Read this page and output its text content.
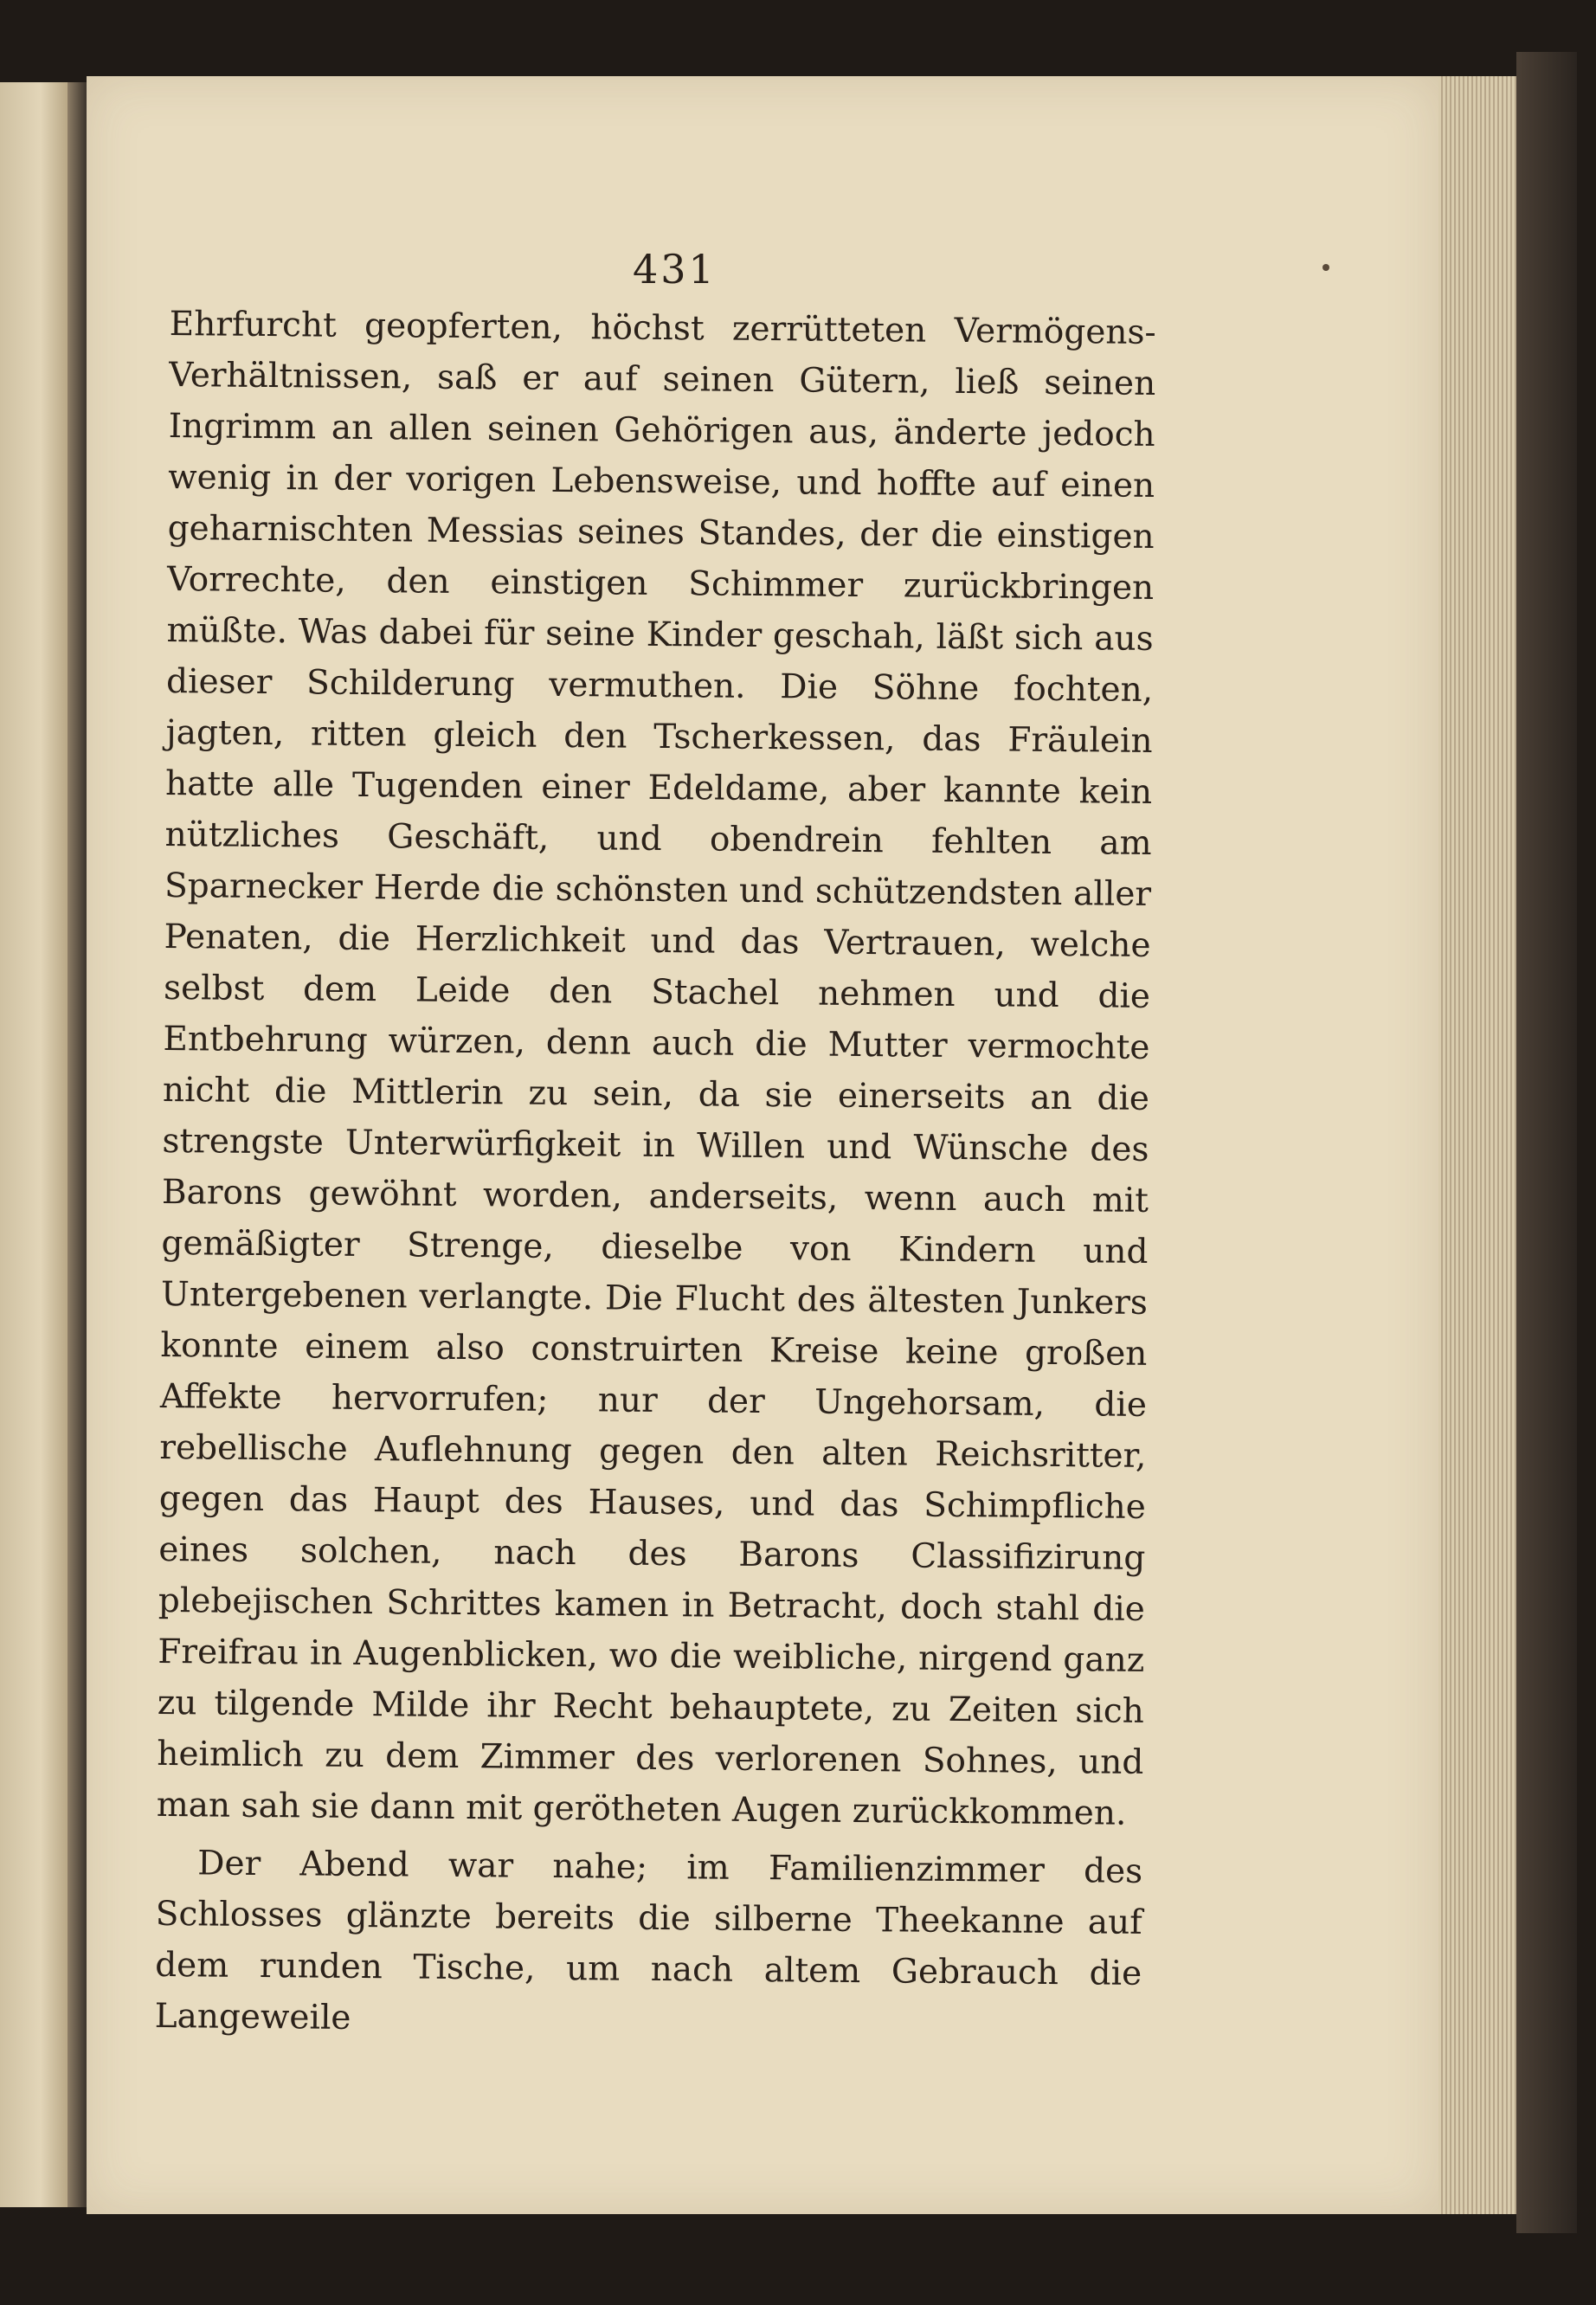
431

Ehrfurcht geopferten, höchst zerrütteten Vermögens-Verhältnissen, saß er auf seinen Gütern, ließ seinen Ingrimm an allen seinen Gehörigen aus, änderte jedoch wenig in der vorigen Lebensweise, und hoffte auf einen geharnischten Messias seines Standes, der die einstigen Vorrechte, den einstigen Schimmer zurückbringen müßte. Was dabei für seine Kinder geschah, läßt sich aus dieser Schilderung vermuthen. Die Söhne fochten, jagten, ritten gleich den Tscherkessen, das Fräulein hatte alle Tugenden einer Edeldame, aber kannte kein nützliches Geschäft, und obendrein fehlten am Sparnecker Herde die schönsten und schützendsten aller Penaten, die Herzlichkeit und das Vertrauen, welche selbst dem Leide den Stachel nehmen und die Entbehrung würzen, denn auch die Mutter vermochte nicht die Mittlerin zu sein, da sie einerseits an die strengste Unterwürfigkeit in Willen und Wünsche des Barons gewöhnt worden, anderseits, wenn auch mit gemäßigter Strenge, dieselbe von Kindern und Untergebenen verlangte. Die Flucht des ältesten Junkers konnte einem also construirten Kreise keine großen Affekte hervorrufen; nur der Ungehorsam, die rebellische Auflehnung gegen den alten Reichsritter, gegen das Haupt des Hauses, und das Schimpfliche eines solchen, nach des Barons Classifizirung plebejischen Schrittes kamen in Betracht, doch stahl die Freifrau in Augenblicken, wo die weibliche, nirgend ganz zu tilgende Milde ihr Recht behauptete, zu Zeiten sich heimlich zu dem Zimmer des verlorenen Sohnes, und man sah sie dann mit gerötheten Augen zurückkommen.

Der Abend war nahe; im Familienzimmer des Schlosses glänzte bereits die silberne Theekanne auf dem runden Tische, um nach altem Gebrauch die Langeweile
